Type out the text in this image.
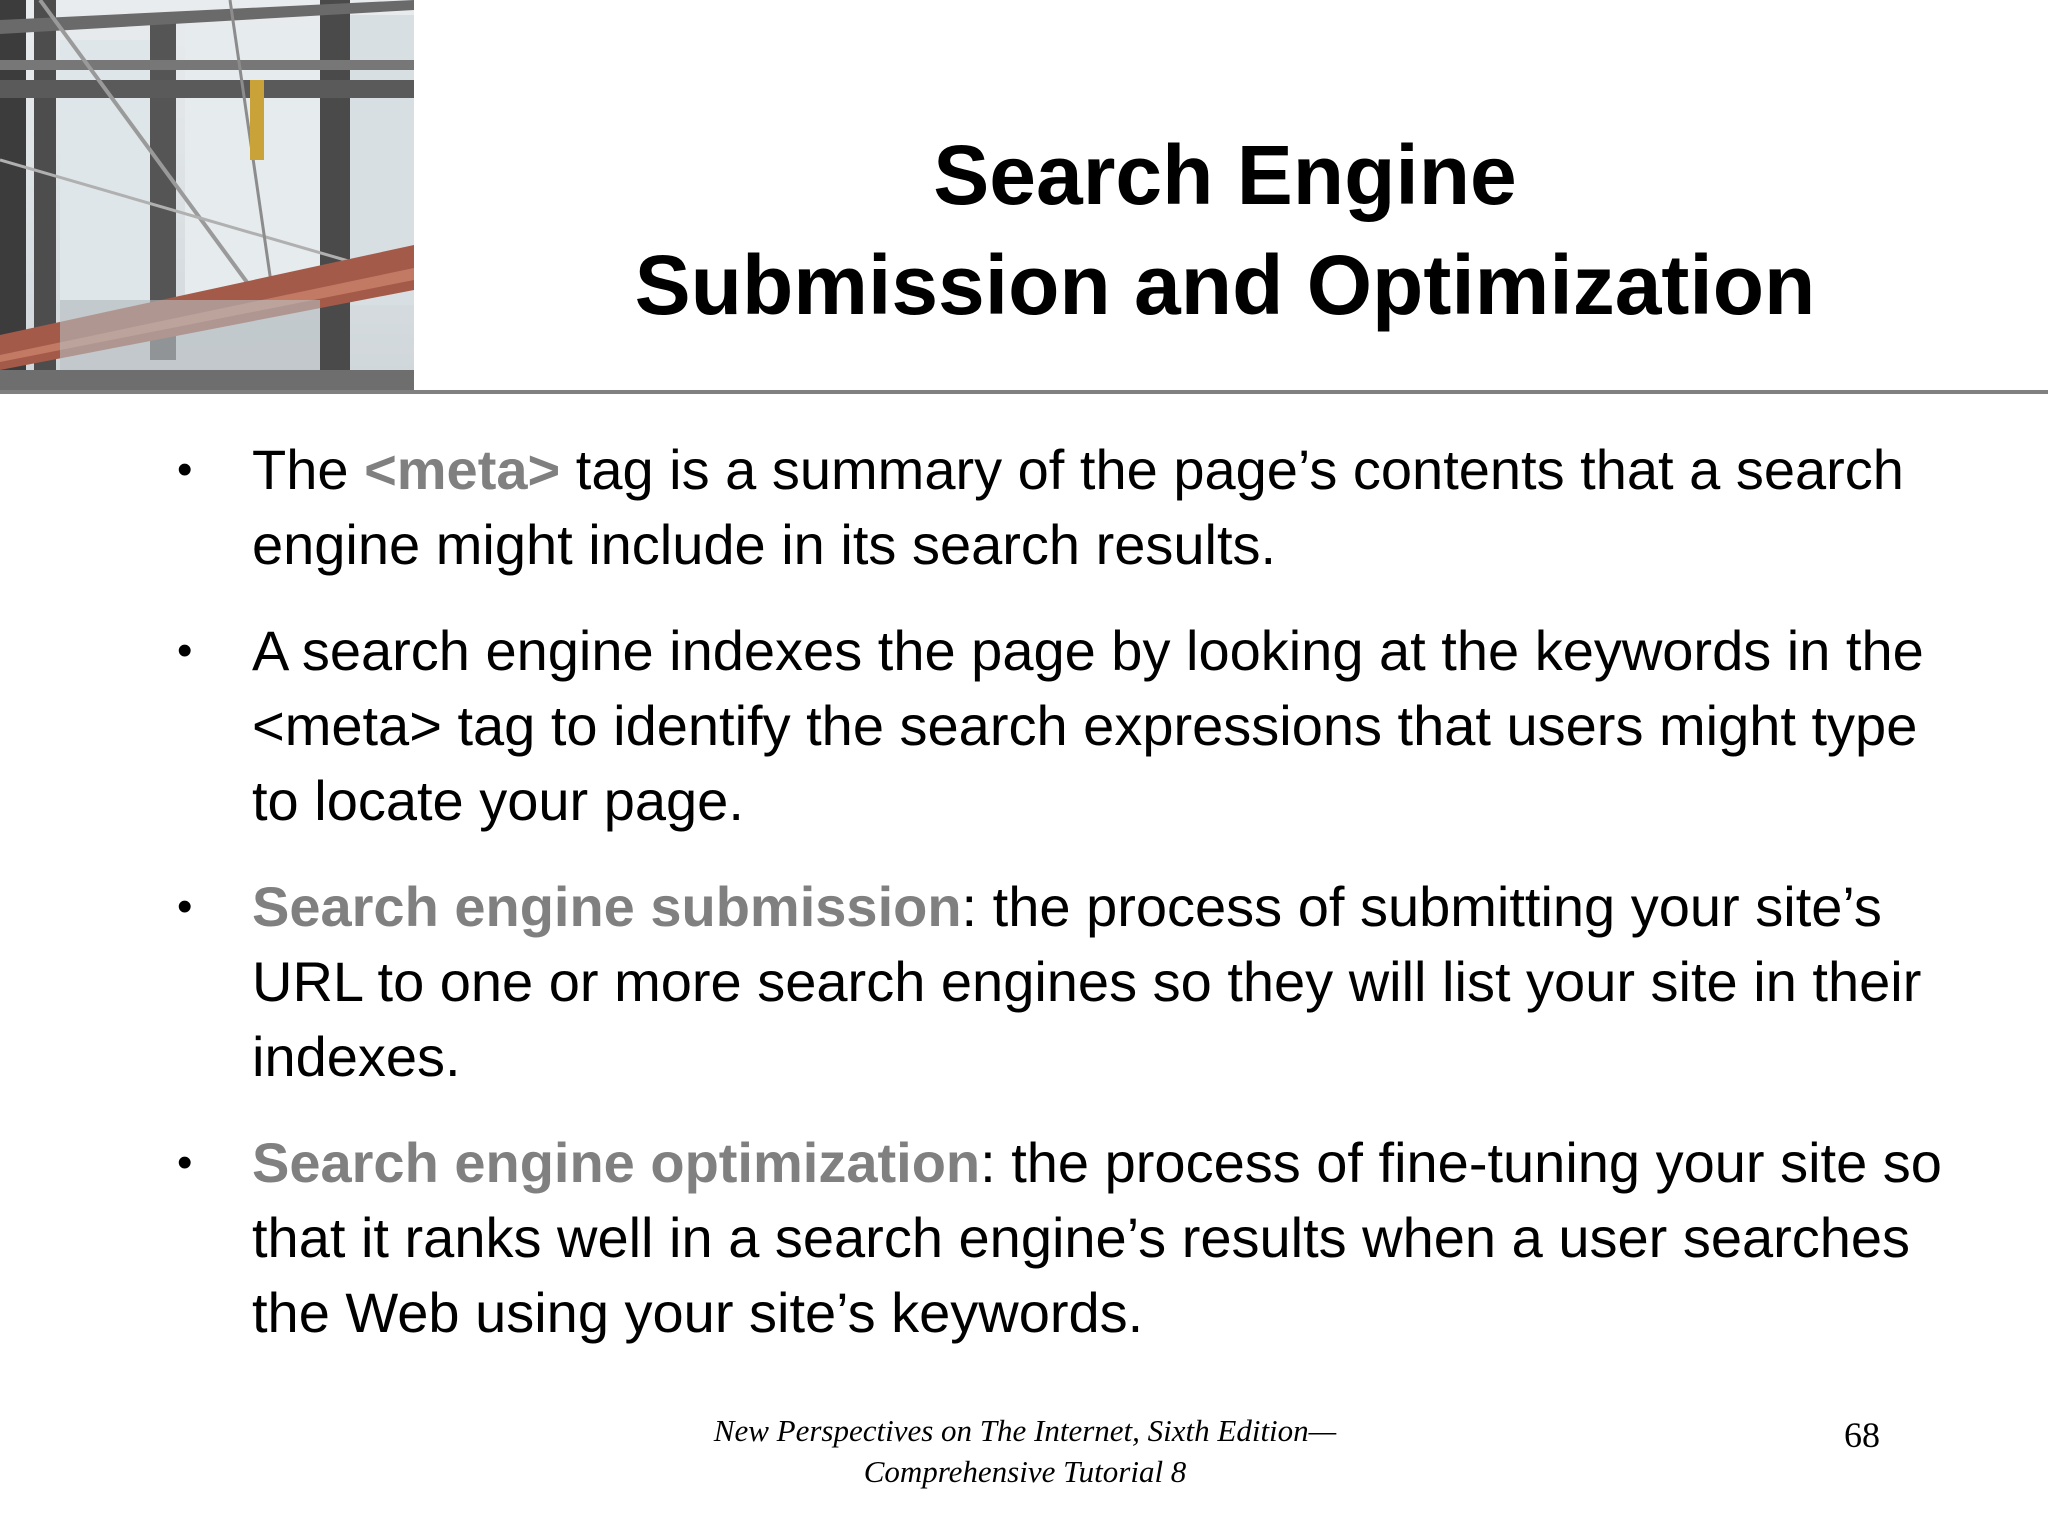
Search Engine
Submission and Optimization
• The <meta> tag is a summary of the page’s contents that a search engine might include in its search results.
• A search engine indexes the page by looking at the keywords in the <meta> tag to identify the search expressions that users might type to locate your page.
• Search engine submission: the process of submitting your site’s URL to one or more search engines so they will list your site in their indexes.
• Search engine optimization: the process of fine-tuning your site so that it ranks well in a search engine’s results when a user searches the Web using your site’s keywords.
New Perspectives on The Internet, Sixth Edition—
Comprehensive Tutorial 8
68
